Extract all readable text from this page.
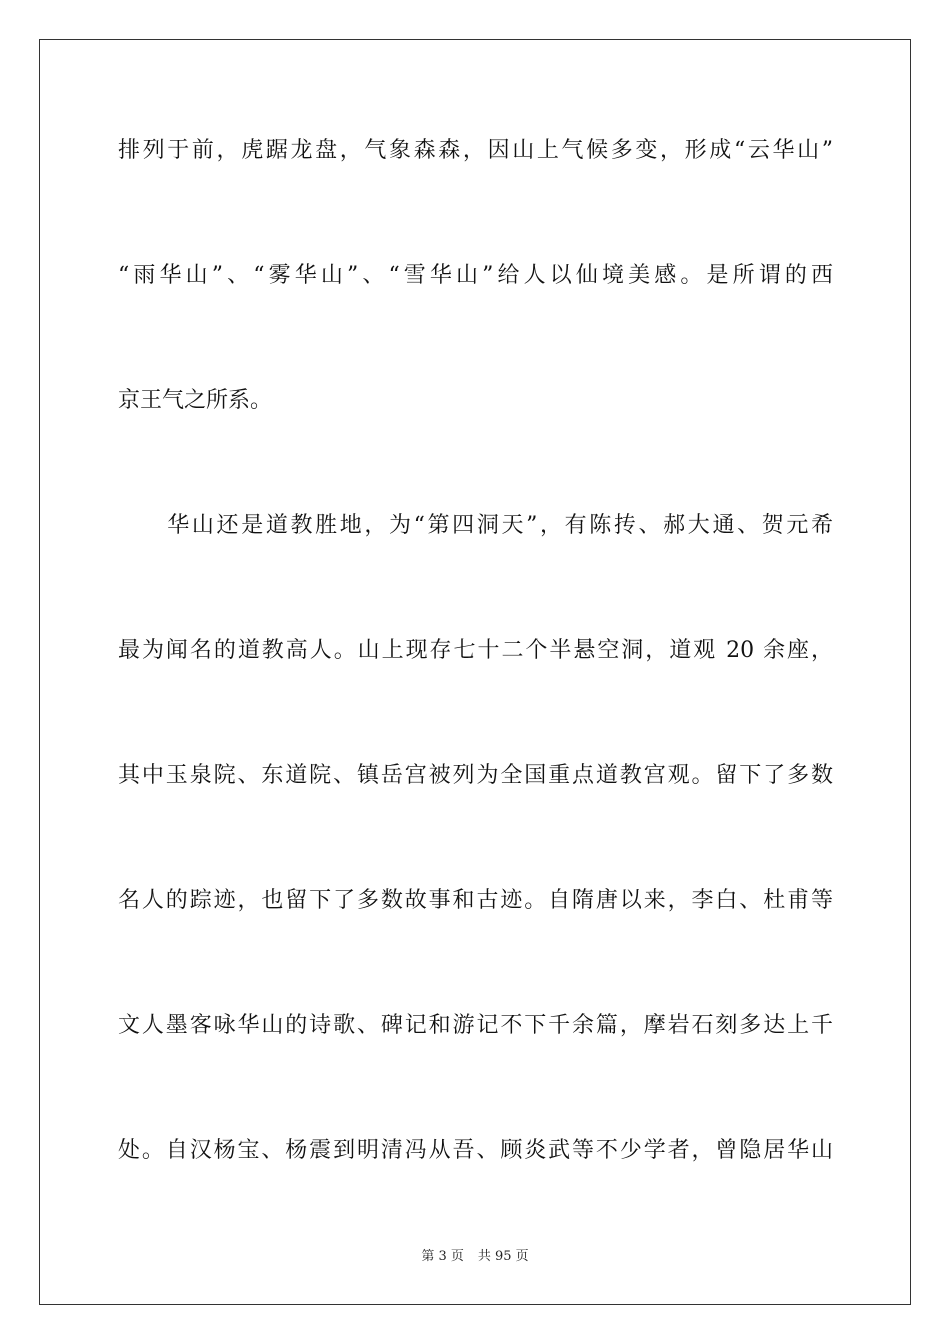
排列于前，虎踞龙盘，气象森森，因山上气候多变，形成“云华山”
“雨华山”、“雾华山”、“雪华山”给人以仙境美感。是所谓的西
京王气之所系。
　　华山还是道教胜地，为“第四洞天”，有陈抟、郝大通、贺元希
最为闻名的道教高人。山上现存七十二个半悬空洞，道观 20 余座，
其中玉泉院、东道院、镇岳宫被列为全国重点道教宫观。留下了多数
名人的踪迹，也留下了多数故事和古迹。自隋唐以来，李白、杜甫等
文人墨客咏华山的诗歌、碑记和游记不下千余篇，摩岩石刻多达上千
处。自汉杨宝、杨震到明清冯从吾、顾炎武等不少学者，曾隐居华山
第 3 页 共 95 页
